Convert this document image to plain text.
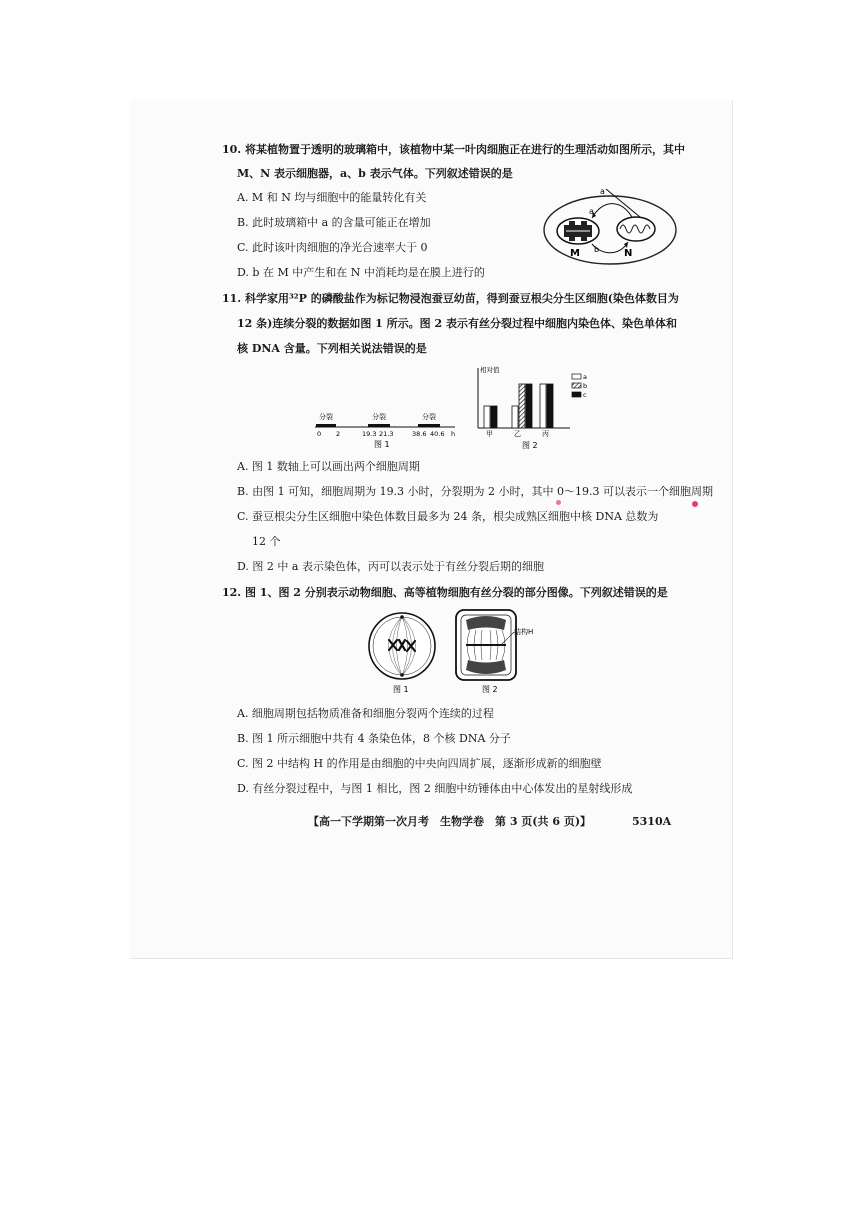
10. 将某植物置于透明的玻璃箱中，该植物中某一叶肉细胞正在进行的生理活动如图所示，其中
M、N 表示细胞器，a、b 表示气体。下列叙述错误的是
A. M 和 N 均与细胞中的能量转化有关
B. 此时玻璃箱中 a 的含量可能正在增加
C. 此时该叶肉细胞的净光合速率大于 0
D. b 在 M 中产生和在 N 中消耗均是在膜上进行的
a
a
b
M	N
11. 科学家用³²P 的磷酸盐作为标记物浸泡蚕豆幼苗，得到蚕豆根尖分生区细胞(染色体数目为
12 条)连续分裂的数据如图 1 所示。图 2 表示有丝分裂过程中细胞内染色体、染色单体和
核 DNA 含量。下列相关说法错误的是
分裂	分裂	分裂
0 2	19.3 21.3	38.6 40.6 h
图 1
相对值
甲	乙	丙
a
b
c
图 2
A. 图 1 数轴上可以画出两个细胞周期
B. 由图 1 可知，细胞周期为 19.3 小时，分裂期为 2 小时，其中 0～19.3 可以表示一个细胞周期
C. 蚕豆根尖分生区细胞中染色体数目最多为 24 条，根尖成熟区细胞中核 DNA 总数为
12 个
D. 图 2 中 a 表示染色体，丙可以表示处于有丝分裂后期的细胞
12. 图 1、图 2 分别表示动物细胞、高等植物细胞有丝分裂的部分图像。下列叙述错误的是
图 1
结构H
图 2
A. 细胞周期包括物质准备和细胞分裂两个连续的过程
B. 图 1 所示细胞中共有 4 条染色体，8 个核 DNA 分子
C. 图 2 中结构 H 的作用是由细胞的中央向四周扩展，逐渐形成新的细胞壁
D. 有丝分裂过程中，与图 1 相比，图 2 细胞中纺锤体由中心体发出的星射线形成
【高一下学期第一次月考　生物学卷　第 3 页(共 6 页)】	5310A
